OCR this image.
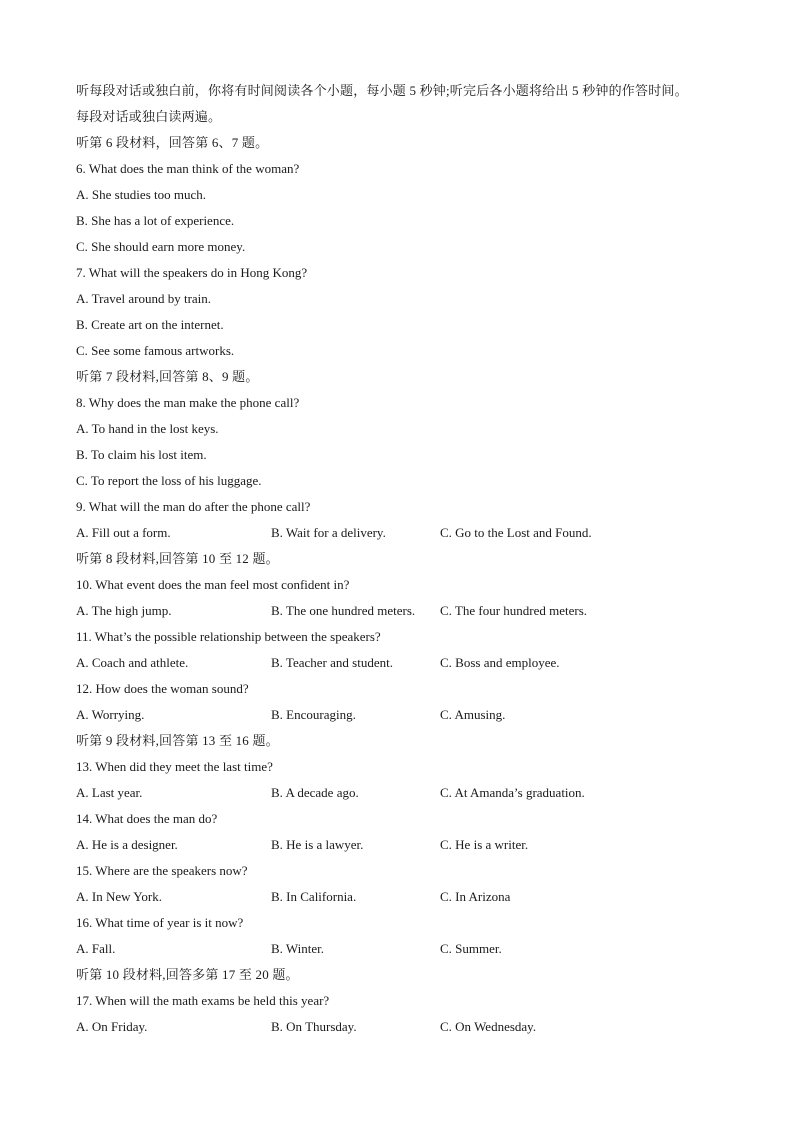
听每段对话或独白前，你将有时间阅读各个小题，每小题 5 秒钟;听完后各小题将给出 5 秒钟的作答时间。
每段对话或独白读两遍。
听第 6 段材料，回答第 6、7 题。
6. What does the man think of the woman?
A. She studies too much.
B. She has a lot of experience.
C. She should earn more money.
7. What will the speakers do in Hong Kong?
A. Travel around by train.
B. Create art on the internet.
C. See some famous artworks.
听第 7 段材料,回答第 8、9 题。
8. Why does the man make the phone call?
A. To hand in the lost keys.
B. To claim his lost item.
C. To report the loss of his luggage.
9. What will the man do after the phone call?
A. Fill out a form.	B. Wait for a delivery.	C. Go to the Lost and Found.
听第 8 段材料,回答第 10 至 12 题。
10. What event does the man feel most confident in?
A. The high jump.	B. The one hundred meters. C. The four hundred meters.
11. What’s the possible relationship between the speakers?
A. Coach and athlete.	B. Teacher and student.	C. Boss and employee.
12. How does the woman sound?
A. Worrying.	B. Encouraging.	C. Amusing.
听第 9 段材料,回答第 13 至 16 题。
13. When did they meet the last time?
A. Last year.	B. A decade ago.	C. At Amanda’s graduation.
14. What does the man do?
A. He is a designer.	B. He is a lawyer.	C. He is a writer.
15. Where are the speakers now?
A. In New York.	B. In California.	C. In Arizona
16. What time of year is it now?
A. Fall.	B. Winter.	C. Summer.
听第 10 段材料,回答多第 17 至 20 题。
17. When will the math exams be held this year?
A. On Friday.	B. On Thursday.	C. On Wednesday.
